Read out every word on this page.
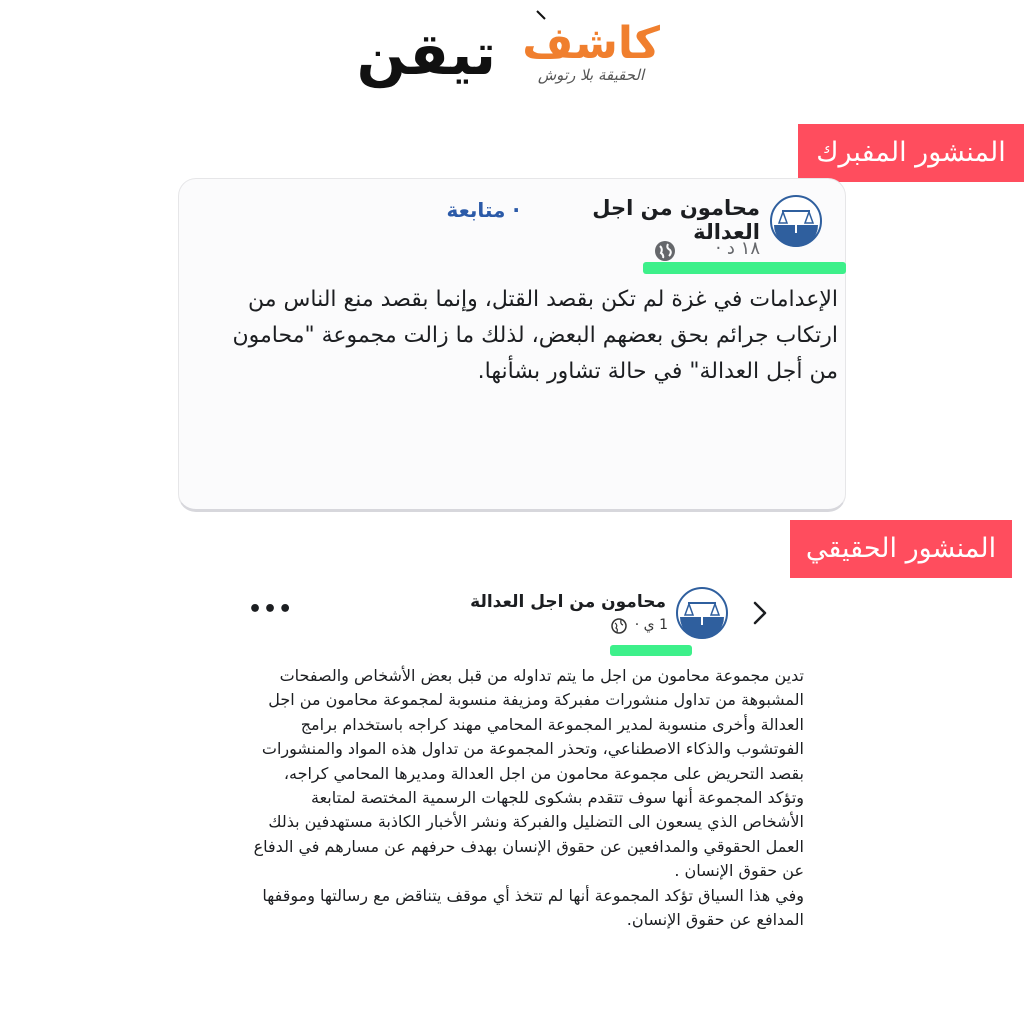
تيقن كاشف
الحقيقة بلا رتوش
المنشور المفبرك
محامون من اجل العدالة
· متابعة
١٨ د ·
الإعدامات في غزة لم تكن بقصد القتل، وإنما بقصد منع الناس من ارتكاب جرائم بحق بعضهم البعض، لذلك ما زالت مجموعة "محامون من أجل العدالة" في حالة تشاور بشأنها.
المنشور الحقيقي
محامون من اجل العدالة
1 ي ·
•••

تدين مجموعة محامون من اجل ما يتم تداوله من قبل بعض الأشخاص والصفحات المشبوهة من تداول منشورات مفبركة ومزيفة منسوبة لمجموعة محامون من اجل العدالة وأخرى منسوبة لمدير المجموعة المحامي مهند كراجه باستخدام برامج الفوتشوب والذكاء الاصطناعي، وتحذر المجموعة من تداول هذه المواد والمنشورات بقصد التحريض على مجموعة محامون من اجل العدالة ومديرها المحامي كراجه، وتؤكد المجموعة أنها سوف تتقدم بشكوى للجهات الرسمية المختصة لمتابعة الأشخاص الذي يسعون الى التضليل والفبركة ونشر الأخبار الكاذبة مستهدفين بذلك العمل الحقوقي والمدافعين عن حقوق الإنسان بهدف حرفهم عن مسارهم في الدفاع عن حقوق الإنسان .

وفي هذا السياق تؤكد المجموعة أنها لم تتخذ أي موقف يتناقض مع رسالتها وموقفها المدافع عن حقوق الإنسان.
